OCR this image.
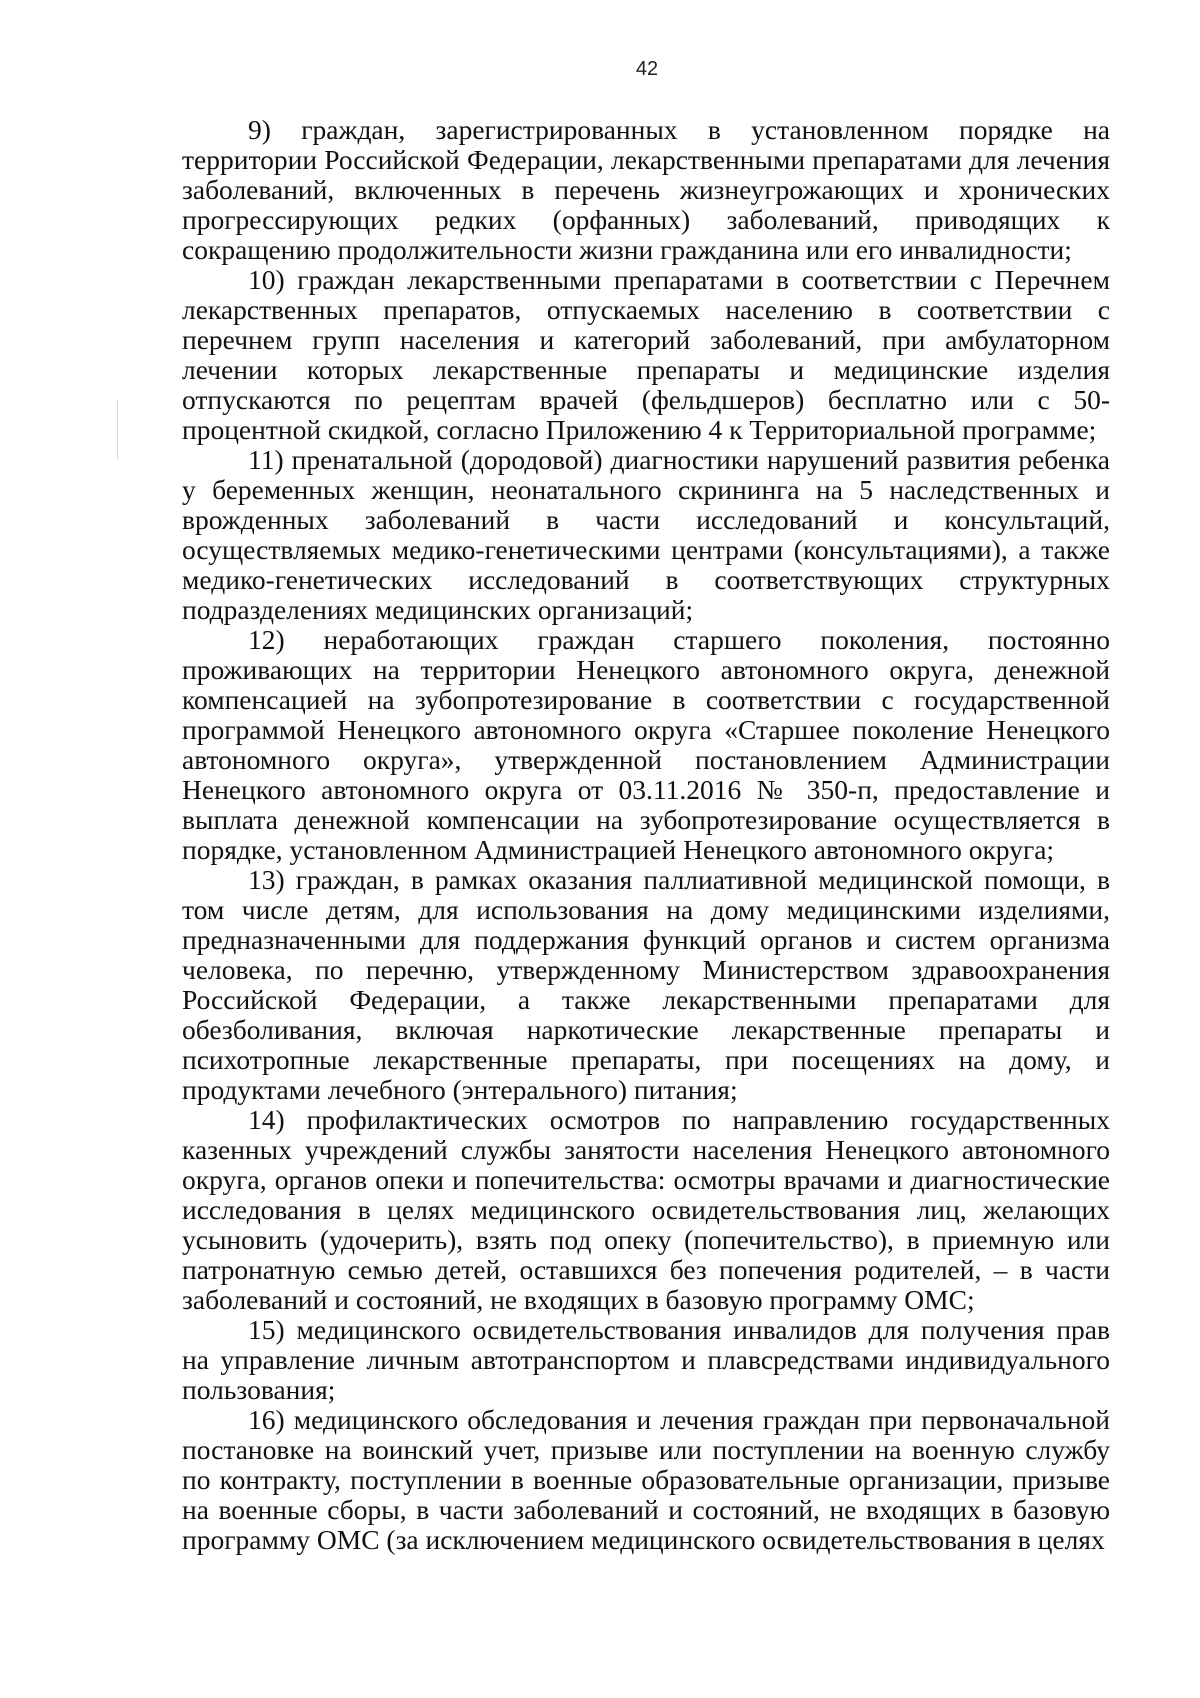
42

9) граждан, зарегистрированных в установленном порядке на территории Российской Федерации, лекарственными препаратами для лечения заболеваний, включенных в перечень жизнеугрожающих и хронических прогрессирующих редких (орфанных) заболеваний, приводящих к сокращению продолжительности жизни гражданина или его инвалидности;

10) граждан лекарственными препаратами в соответствии с Перечнем лекарственных препаратов, отпускаемых населению в соответствии с перечнем групп населения и категорий заболеваний, при амбулаторном лечении которых лекарственные препараты и медицинские изделия отпускаются по рецептам врачей (фельдшеров) бесплатно или с 50-процентной скидкой, согласно Приложению 4 к Территориальной программе;

11) пренатальной (дородовой) диагностики нарушений развития ребенка у беременных женщин, неонатального скрининга на 5 наследственных и врожденных заболеваний в части исследований и консультаций, осуществляемых медико-генетическими центрами (консультациями), а также медико-генетических исследований в соответствующих структурных подразделениях медицинских организаций;

12) неработающих граждан старшего поколения, постоянно проживающих на территории Ненецкого автономного округа, денежной компенсацией на зубопротезирование в соответствии с государственной программой Ненецкого автономного округа «Старшее поколение Ненецкого автономного округа», утвержденной постановлением Администрации Ненецкого автономного округа от 03.11.2016 № 350-п, предоставление и выплата денежной компенсации на зубопротезирование осуществляется в порядке, установленном Администрацией Ненецкого автономного округа;

13) граждан, в рамках оказания паллиативной медицинской помощи, в том числе детям, для использования на дому медицинскими изделиями, предназначенными для поддержания функций органов и систем организма человека, по перечню, утвержденному Министерством здравоохранения Российской Федерации, а также лекарственными препаратами для обезболивания, включая наркотические лекарственные препараты и психотропные лекарственные препараты, при посещениях на дому, и продуктами лечебного (энтерального) питания;

14) профилактических осмотров по направлению государственных казенных учреждений службы занятости населения Ненецкого автономного округа, органов опеки и попечительства: осмотры врачами и диагностические исследования в целях медицинского освидетельствования лиц, желающих усыновить (удочерить), взять под опеку (попечительство), в приемную или патронатную семью детей, оставшихся без попечения родителей, – в части заболеваний и состояний, не входящих в базовую программу ОМС;

15) медицинского освидетельствования инвалидов для получения прав на управление личным автотранспортом и плавсредствами индивидуального пользования;

16) медицинского обследования и лечения граждан при первоначальной постановке на воинский учет, призыве или поступлении на военную службу по контракту, поступлении в военные образовательные организации, призыве на военные сборы, в части заболеваний и состояний, не входящих в базовую программу ОМС (за исключением медицинского освидетельствования в целях
